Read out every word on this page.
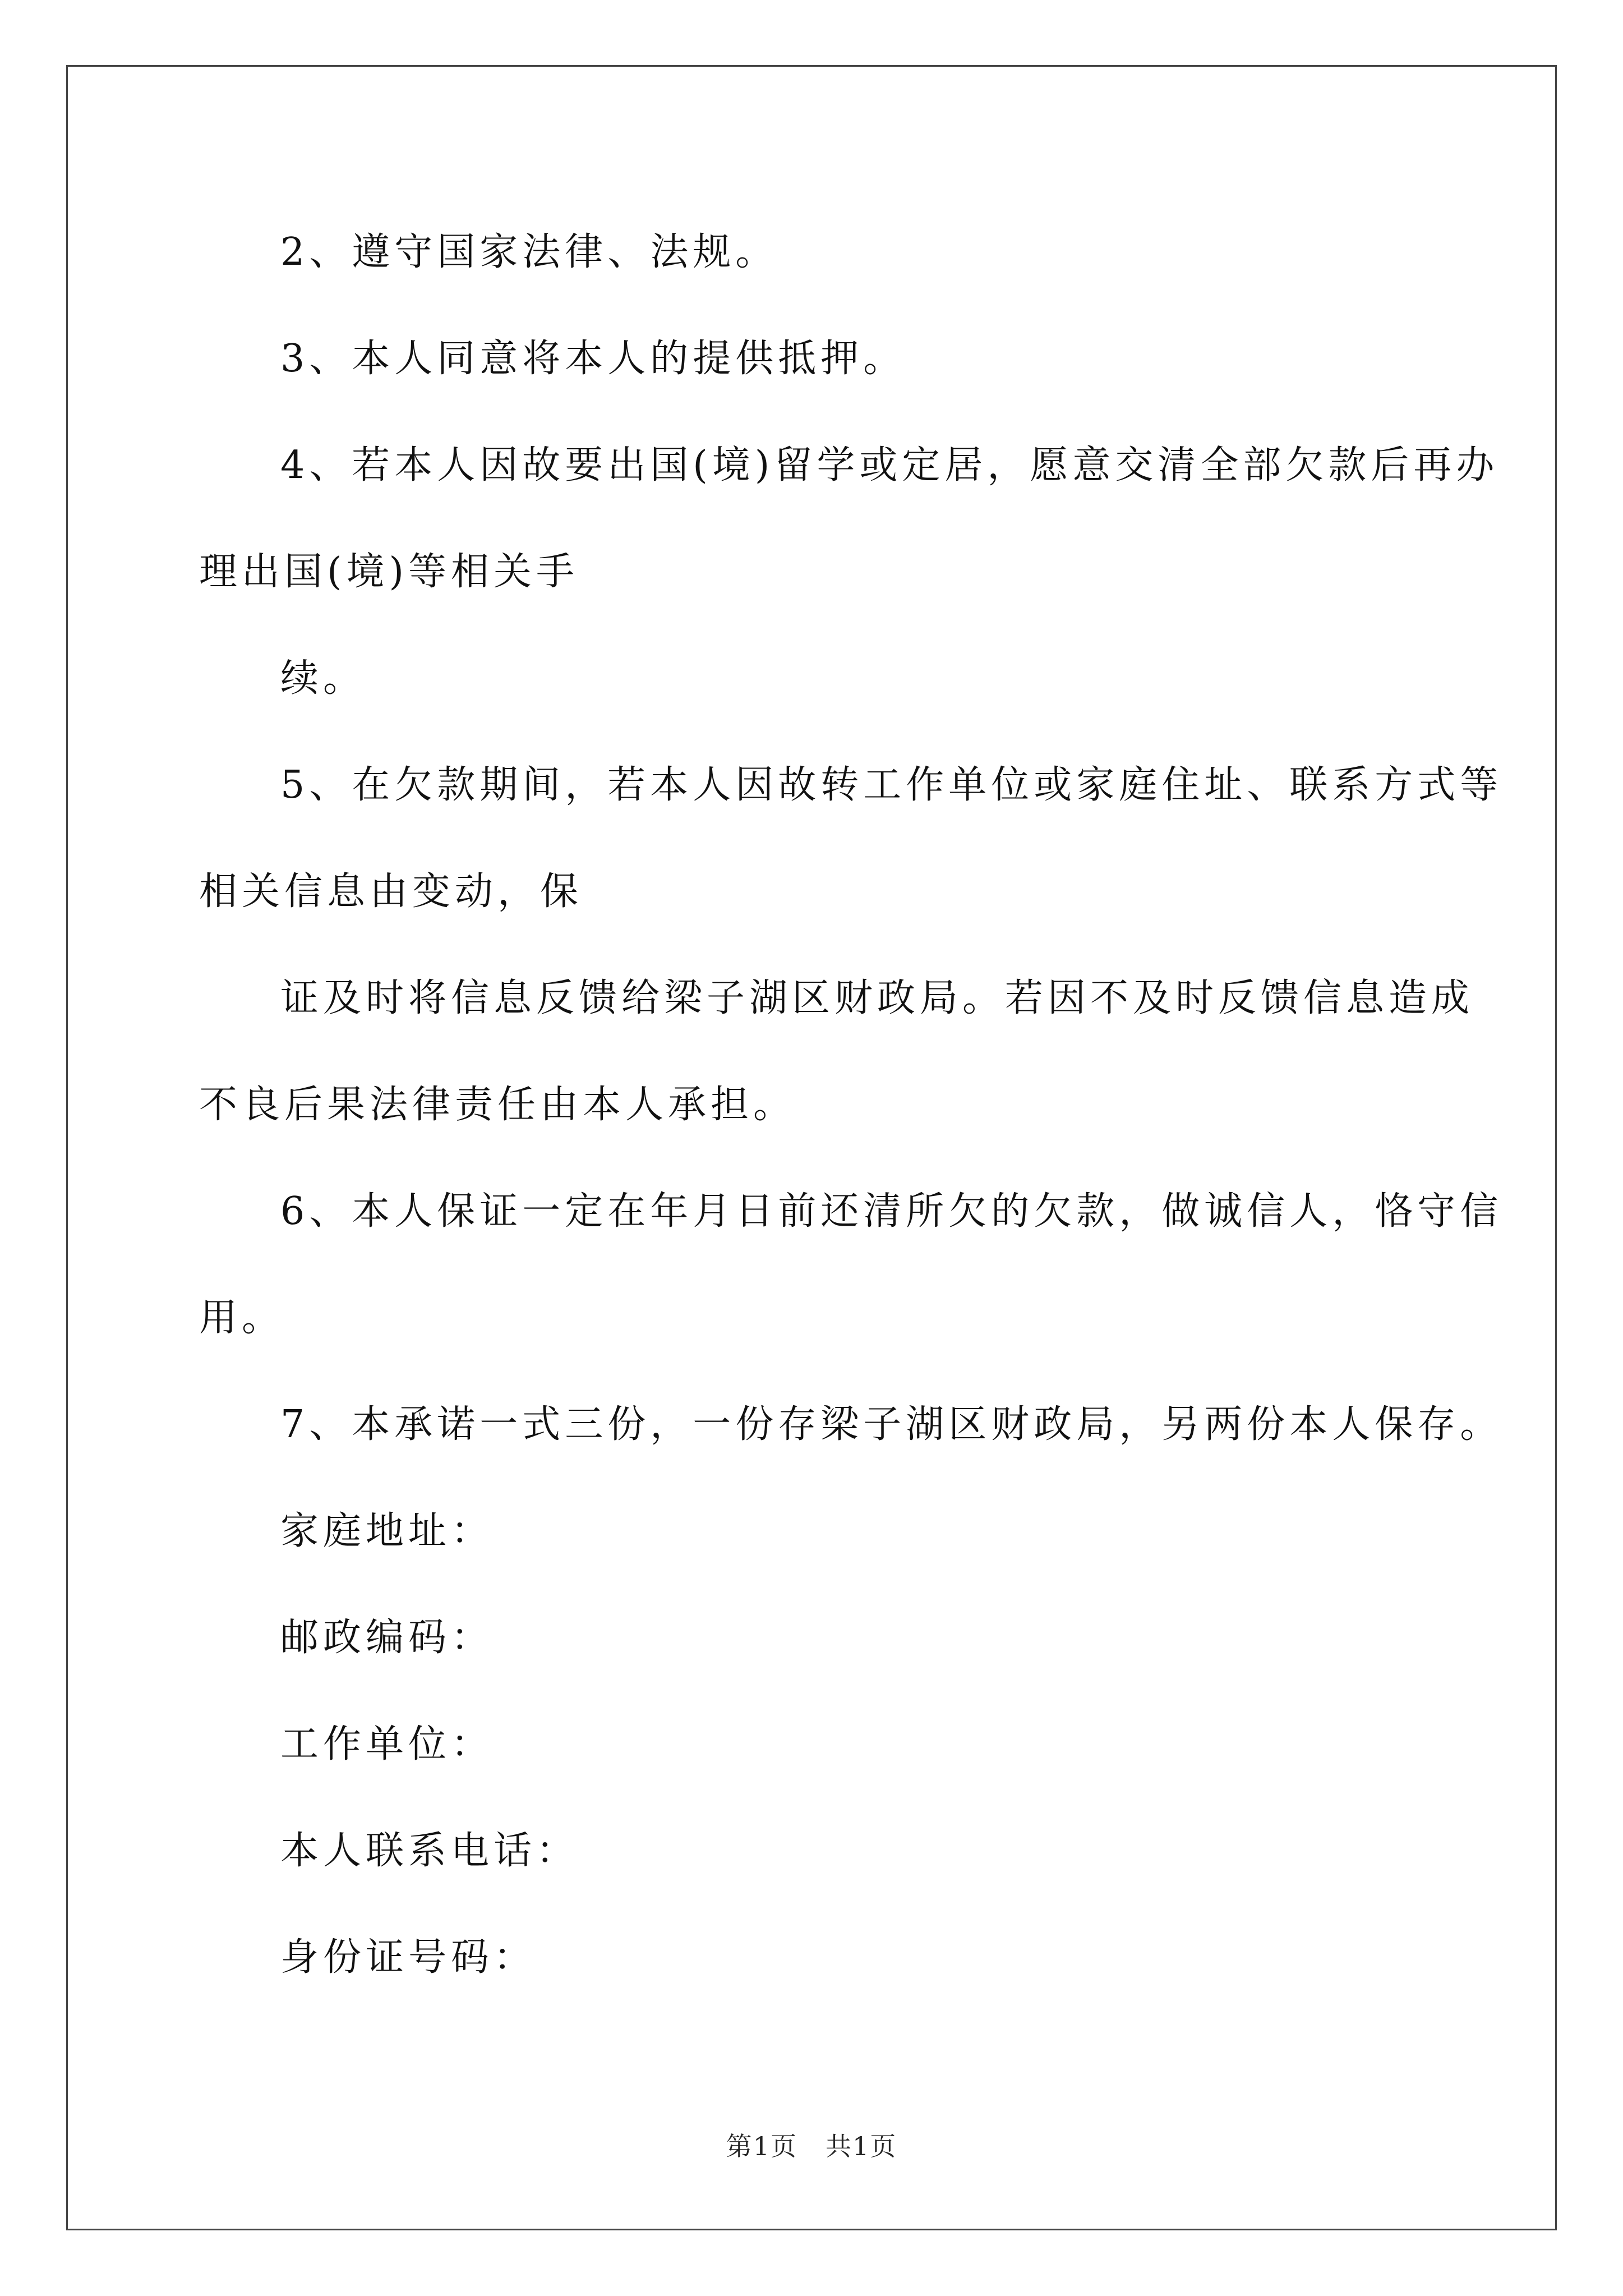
2、遵守国家法律、法规。
3、本人同意将本人的提供抵押。
4、若本人因故要出国(境)留学或定居，愿意交清全部欠款后再办
理出国(境)等相关手
续。
5、在欠款期间，若本人因故转工作单位或家庭住址、联系方式等
相关信息由变动，保
证及时将信息反馈给梁子湖区财政局。若因不及时反馈信息造成
不良后果法律责任由本人承担。
6、本人保证一定在年月日前还清所欠的欠款，做诚信人，恪守信
用。
7、本承诺一式三份，一份存梁子湖区财政局，另两份本人保存。
家庭地址：
邮政编码：
工作单位：
本人联系电话：
身份证号码：
第1页 共1页
